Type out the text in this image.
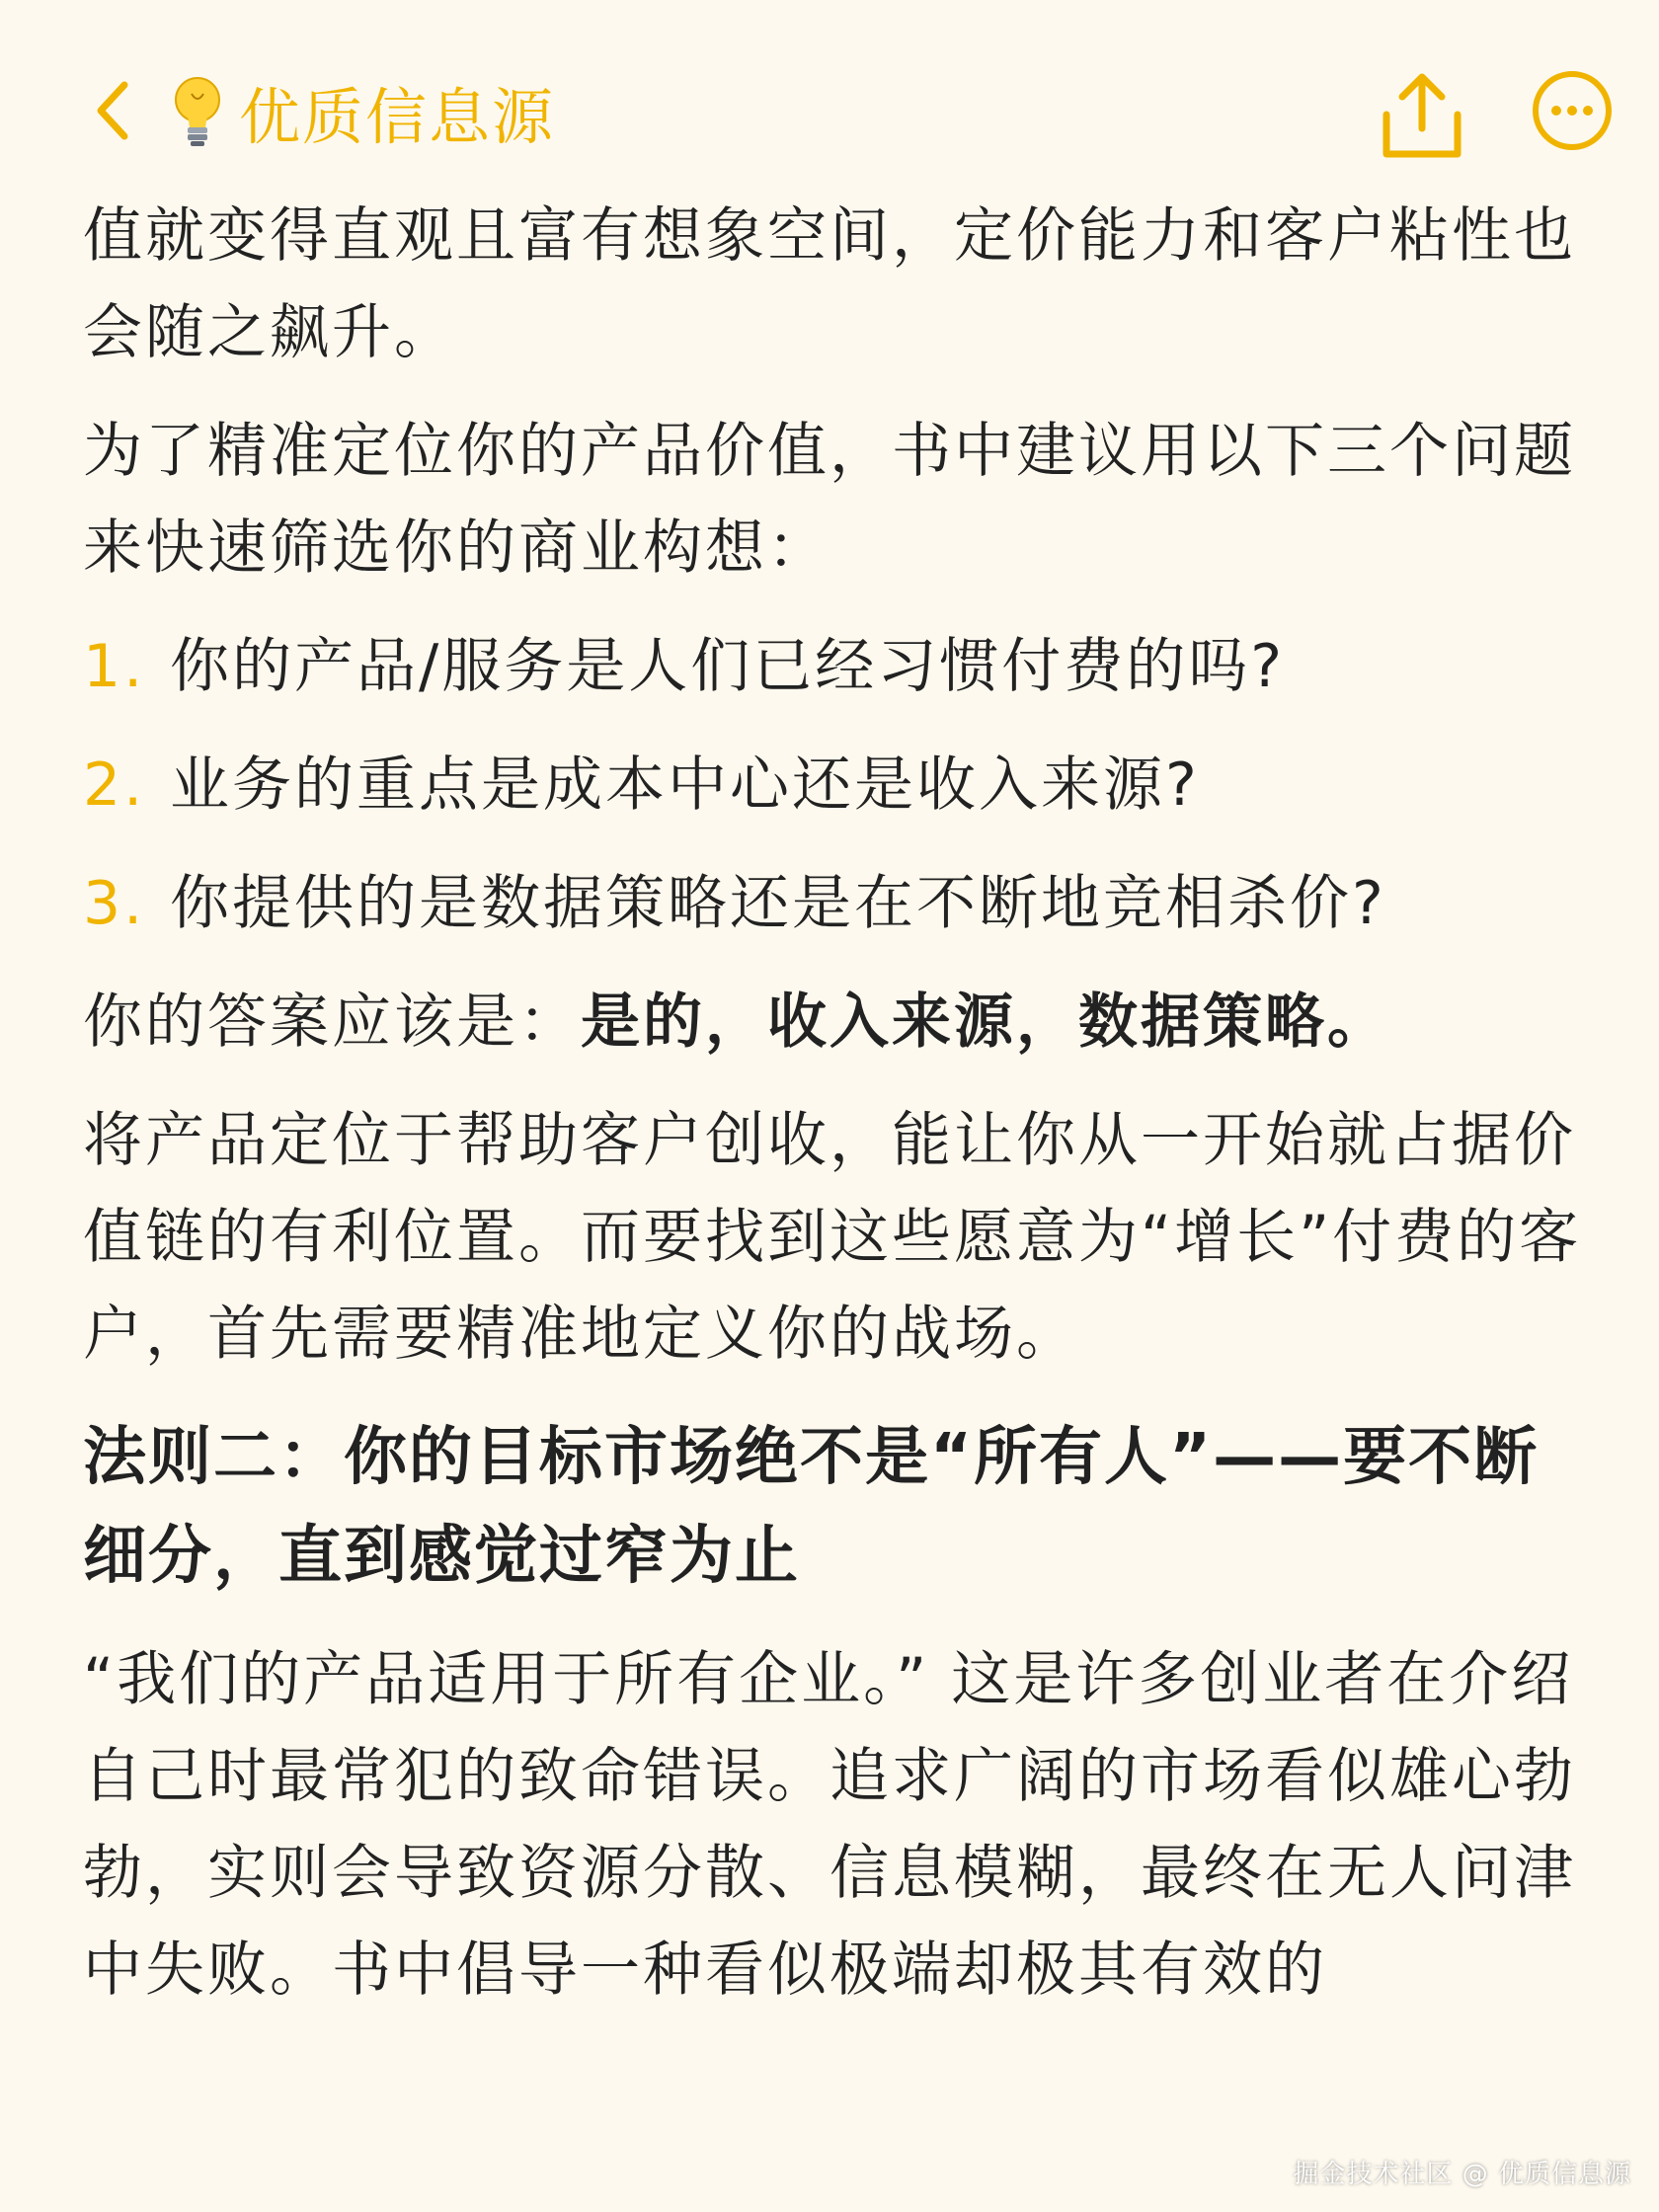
优质信息源

值就变得直观且富有想象空间，定价能力和客户粘性也会随之飙升。

为了精准定位你的产品价值，书中建议用以下三个问题来快速筛选你的商业构想：

1. 你的产品/服务是人们已经习惯付费的吗?
2. 业务的重点是成本中心还是收入来源?
3. 你提供的是数据策略还是在不断地竞相杀价?

你的答案应该是：是的，收入来源，数据策略。

将产品定位于帮助客户创收，能让你从一开始就占据价值链的有利位置。而要找到这些愿意为“增长”付费的客户，首先需要精准地定义你的战场。

法则二：你的目标市场绝不是“所有人”——要不断细分，直到感觉过窄为止

“我们的产品适用于所有企业。” 这是许多创业者在介绍自己时最常犯的致命错误。追求广阔的市场看似雄心勃勃，实则会导致资源分散、信息模糊，最终在无人问津中失败。书中倡导一种看似极端却极其有效的

掘金技术社区 @ 优质信息源
